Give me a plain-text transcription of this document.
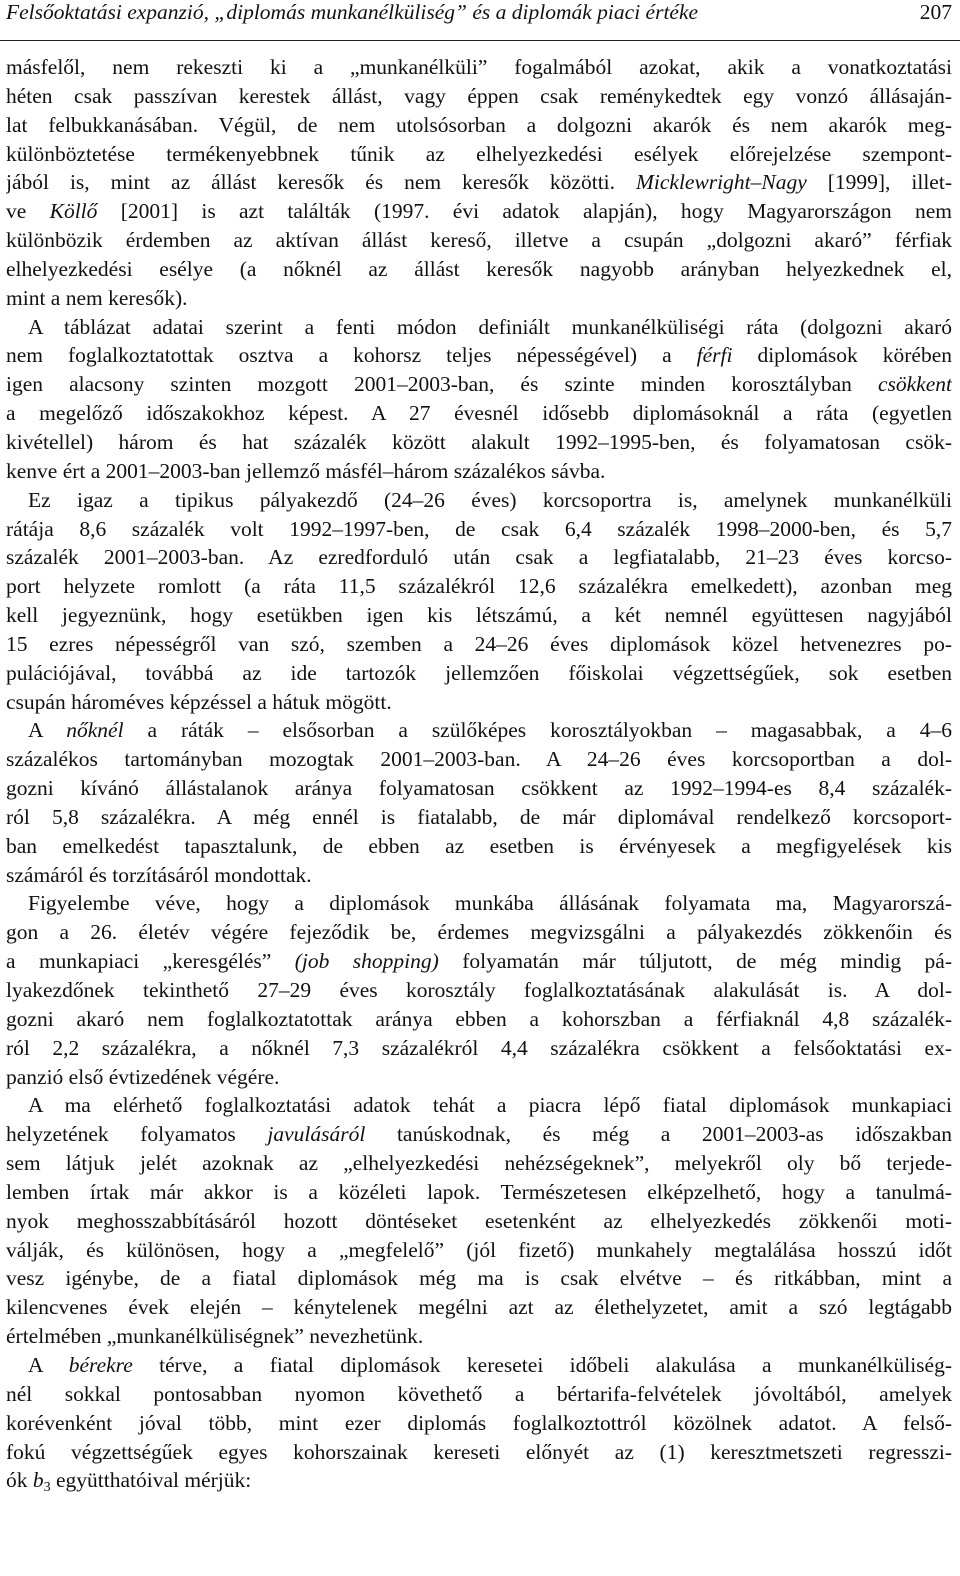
Felsőoktatási expanzió, „diplomás munkanélküliség” és a diplomák piaci értéke	207
másfelől, nem rekeszti ki a „munkanélküli” fogalmából azokat, akik a vonatkoztatási
héten csak passzívan kerestek állást, vagy éppen csak reménykedtek egy vonzó állásaján-
lat felbukkanásában. Végül, de nem utolsósorban a dolgozni akarók és nem akarók meg-
különböztetése termékenyebbnek tűnik az elhelyezkedési esélyek előrejelzése szempont-
jából is, mint az állást keresők és nem keresők közötti. Micklewright–Nagy [1999], illet-
ve Köllő [2001] is azt találták (1997. évi adatok alapján), hogy Magyarországon nem
különbözik érdemben az aktívan állást kereső, illetve a csupán „dolgozni akaró” férfiak
elhelyezkedési esélye (a nőknél az állást keresők nagyobb arányban helyezkednek el,
mint a nem keresők).
A táblázat adatai szerint a fenti módon definiált munkanélküliségi ráta (dolgozni akaró
nem foglalkoztatottak osztva a kohorsz teljes népességével) a férfi diplomások körében
igen alacsony szinten mozgott 2001–2003-ban, és szinte minden korosztályban csökkent
a megelőző időszakokhoz képest. A 27 évesnél idősebb diplomásoknál a ráta (egyetlen
kivétellel) három és hat százalék között alakult 1992–1995-ben, és folyamatosan csök-
kenve ért a 2001–2003-ban jellemző másfél–három százalékos sávba.
Ez igaz a tipikus pályakezdő (24–26 éves) korcsoportra is, amelynek munkanélküli
rátája 8,6 százalék volt 1992–1997-ben, de csak 6,4 százalék 1998–2000-ben, és 5,7
százalék 2001–2003-ban. Az ezredforduló után csak a legfiatalabb, 21–23 éves korcso-
port helyzete romlott (a ráta 11,5 százalékról 12,6 százalékra emelkedett), azonban meg
kell jegyeznünk, hogy esetükben igen kis létszámú, a két nemnél együttesen nagyjából
15 ezres népességről van szó, szemben a 24–26 éves diplomások közel hetvenezres po-
pulációjával, továbbá az ide tartozók jellemzően főiskolai végzettségűek, sok esetben
csupán hároméves képzéssel a hátuk mögött.
A nőknél a ráták – elsősorban a szülőképes korosztályokban – magasabbak, a 4–6
százalékos tartományban mozogtak 2001–2003-ban. A 24–26 éves korcsoportban a dol-
gozni kívánó állástalanok aránya folyamatosan csökkent az 1992–1994-es 8,4 százalék-
ról 5,8 százalékra. A még ennél is fiatalabb, de már diplomával rendelkező korcsoport-
ban emelkedést tapasztalunk, de ebben az esetben is érvényesek a megfigyelések kis
számáról és torzításáról mondottak.
Figyelembe véve, hogy a diplomások munkába állásának folyamata ma, Magyarorszá-
gon a 26. életév végére fejeződik be, érdemes megvizsgálni a pályakezdés zökkenőin és
a munkapiaci „keresgélés” (job shopping) folyamatán már túljutott, de még mindig pá-
lyakezdőnek tekinthető 27–29 éves korosztály foglalkoztatásának alakulását is. A dol-
gozni akaró nem foglalkoztatottak aránya ebben a kohorszban a férfiaknál 4,8 százalék-
ról 2,2 százalékra, a nőknél 7,3 százalékról 4,4 százalékra csökkent a felsőoktatási ex-
panzió első évtizedének végére.
A ma elérhető foglalkoztatási adatok tehát a piacra lépő fiatal diplomások munkapiaci
helyzetének folyamatos javulásáról tanúskodnak, és még a 2001–2003-as időszakban
sem látjuk jelét azoknak az „elhelyezkedési nehézségeknek”, melyekről oly bő terjede-
lemben írtak már akkor is a közéleti lapok. Természetesen elképzelhető, hogy a tanulmá-
nyok meghosszabbításáról hozott döntéseket esetenként az elhelyezkedés zökkenői moti-
válják, és különösen, hogy a „megfelelő” (jól fizető) munkahely megtalálása hosszú időt
vesz igénybe, de a fiatal diplomások még ma is csak elvétve – és ritkábban, mint a
kilencvenes évek elején – kénytelenek megélni azt az élethelyzetet, amit a szó legtágabb
értelmében „munkanélküliségnek” nevezhetünk.
A bérekre térve, a fiatal diplomások keresetei időbeli alakulása a munkanélküliség-
nél sokkal pontosabban nyomon követhető a bértarifa-felvételek jóvoltából, amelyek
korévenként jóval több, mint ezer diplomás foglalkoztottról közölnek adatot. A felső-
fokú végzettségűek egyes kohorszainak kereseti előnyét az (1) keresztmetszeti regresszi-
ók $b_3$ együtthatóival mérjük:
